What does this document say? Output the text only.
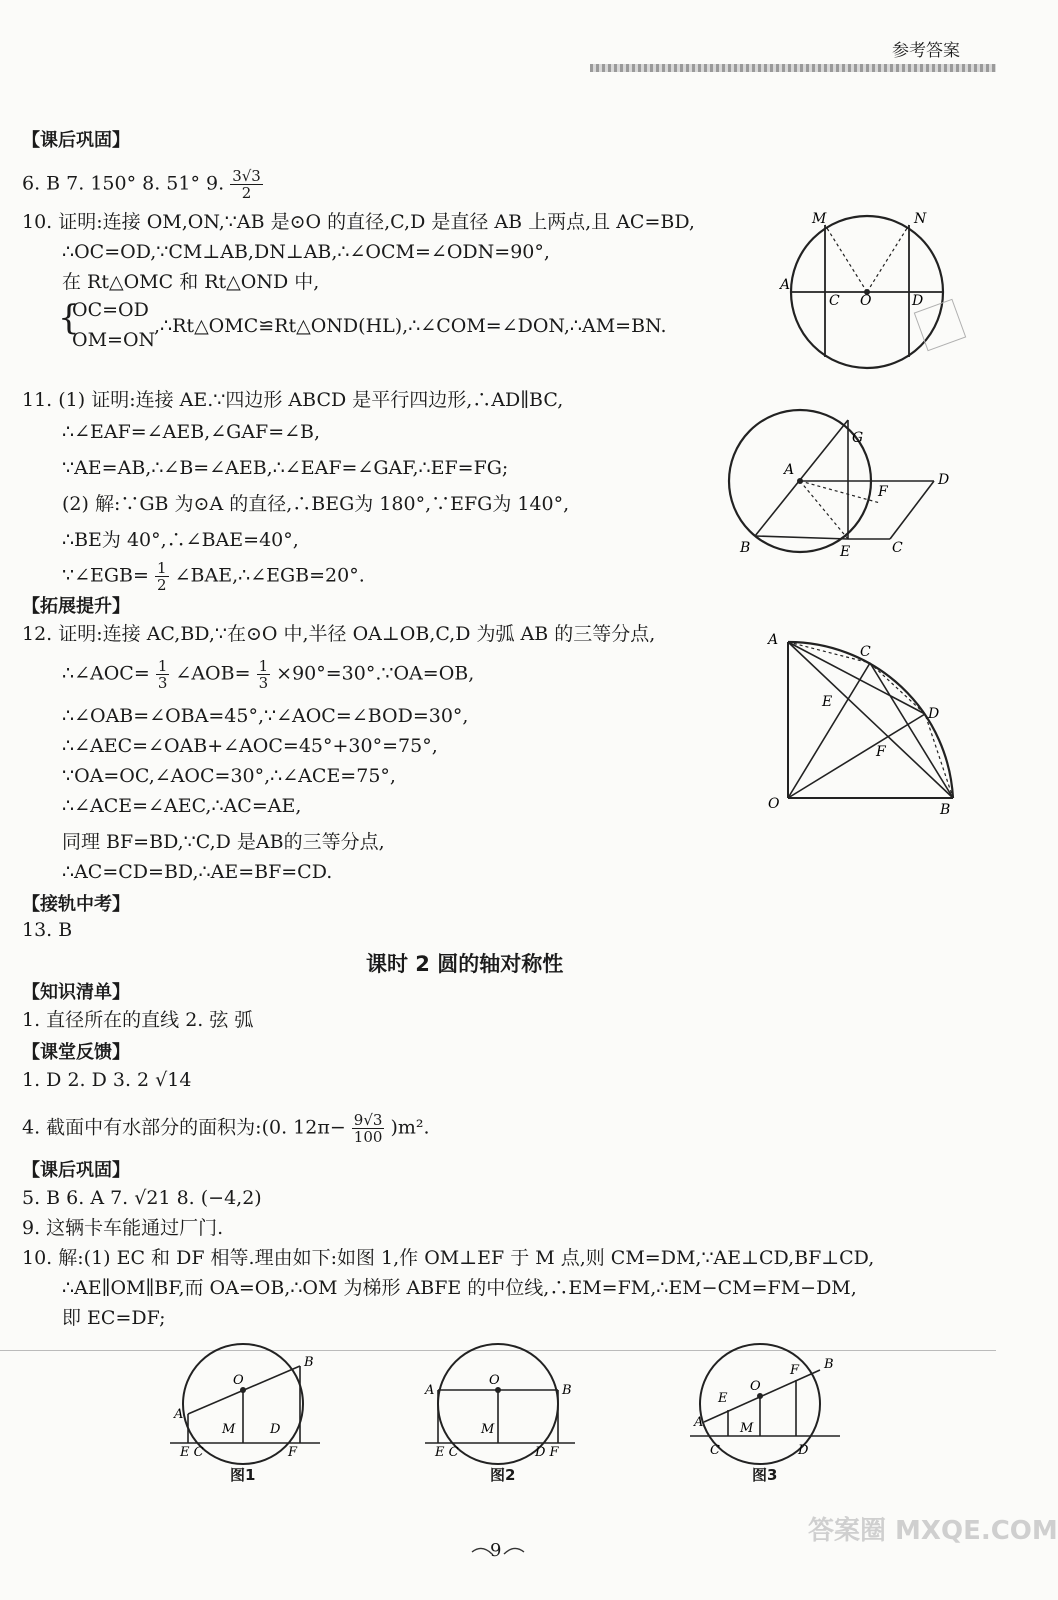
参考答案
【课后巩固】
6. B 7. 150° 8. 51° 9. $\frac{3√3}{2}$
10. 证明:连接 OM,ON,∵AB 是⊙O 的直径,C,D 是直径 AB 上两点,且 AC=BD,
∴OC=OD,∵CM⊥AB,DN⊥AB,∴∠OCM=∠ODN=90°,
在 Rt△OMC 和 Rt△OND 中,
{
OC=OD
OM=ON
,∴Rt△OMC≌Rt△OND(HL),∴∠COM=∠DON,∴AM=BN.
M	N
A
C O	D
11. (1) 证明:连接 AE.∵四边形 ABCD 是平行四边形,∴AD∥BC,
∴∠EAF=∠AEB,∠GAF=∠B,
∵AE=AB,∴∠B=∠AEB,∴∠EAF=∠GAF,∴EF=FG;
(2) 解:∵GB 为⊙A 的直径,∴BEG为 180°,∵EFG为 140°,
∴BE为 40°,∴∠BAE=40°,
∵∠EGB= $\frac{1}{2}$ ∠BAE,∴∠EGB=20°.
G
A
F
D
B	E	C
【拓展提升】
12. 证明:连接 AC,BD,∵在⊙O 中,半径 OA⊥OB,C,D 为弧 AB 的三等分点,
∴∠AOC= $\frac{1}{3}$ ∠AOB= $\frac{1}{3}$ ×90°=30°.∵OA=OB,
∴∠OAB=∠OBA=45°,∵∠AOC=∠BOD=30°,
∴∠AEC=∠OAB+∠AOC=45°+30°=75°,
∵OA=OC,∠AOC=30°,∴∠ACE=75°,
∴∠ACE=∠AEC,∴AC=AE,
同理 BF=BD,∵C,D 是AB的三等分点,
∴AC=CD=BD,∴AE=BF=CD.
A
C
D
E
F
O	B
【接轨中考】
13. B
课时 2 圆的轴对称性
【知识清单】
1. 直径所在的直线 2. 弦 弧
【课堂反馈】
1. D 2. D 3. 2 √14
4. 截面中有水部分的面积为:(0. $12\pi- \frac{9√3}{100} )m^2$.
【课后巩固】
5. B 6. A 7. √21 8. (−4,2)
9. 这辆卡车能通过厂门.
10. 解:(1) EC 和 DF 相等.理由如下:如图 1,作 OM⊥EF 于 M 点,则 CM=DM,∵AE⊥CD,BF⊥CD,
∴AE∥OM∥BF,而 OA=OB,∴OM 为梯形 ABFE 的中位线,∴EM=FM,∴EM−CM=FM−DM,
即 EC=DF;
O
B
A
M	D
E C	F
图1
O
A	B
M
E C	D F
图2
O
E
F B
A	M
C	D
图3
9
答案圈 MXQE.COM
